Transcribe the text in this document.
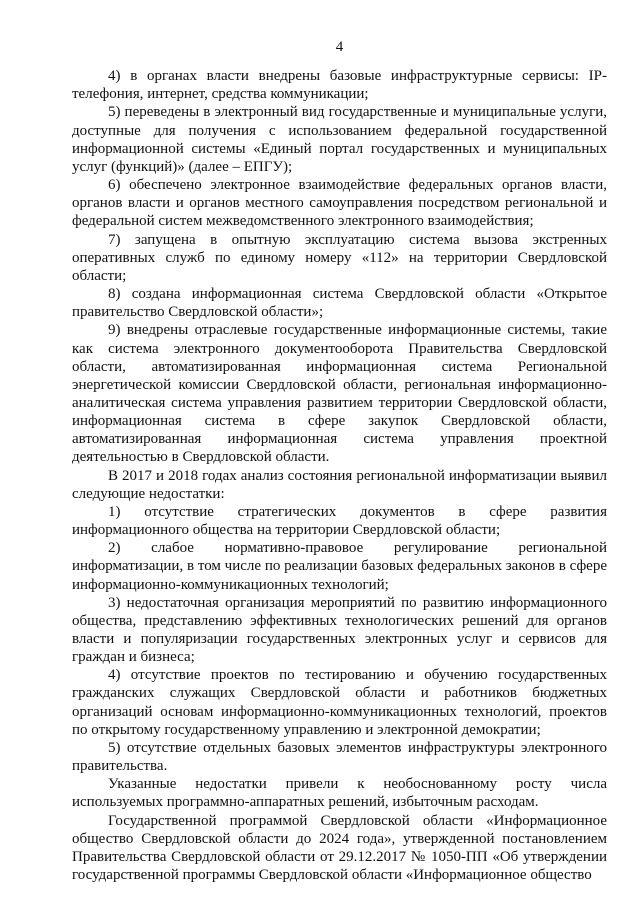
4

4) в органах власти внедрены базовые инфраструктурные сервисы: IP-телефония, интернет, средства коммуникации;

5) переведены в электронный вид государственные и муниципальные услуги, доступные для получения с использованием федеральной государственной информационной системы «Единый портал государственных и муниципальных услуг (функций)» (далее – ЕПГУ);

6) обеспечено электронное взаимодействие федеральных органов власти, органов власти и органов местного самоуправления посредством региональной и федеральной систем межведомственного электронного взаимодействия;

7) запущена в опытную эксплуатацию система вызова экстренных оперативных служб по единому номеру «112» на территории Свердловской области;

8) создана информационная система Свердловской области «Открытое правительство Свердловской области»;

9) внедрены отраслевые государственные информационные системы, такие как система электронного документооборота Правительства Свердловской области, автоматизированная информационная система Региональной энергетической комиссии Свердловской области, региональная информационно-аналитическая система управления развитием территории Свердловской области, информационная система в сфере закупок Свердловской области, автоматизированная информационная система управления проектной деятельностью в Свердловской области.

В 2017 и 2018 годах анализ состояния региональной информатизации выявил следующие недостатки:

1) отсутствие стратегических документов в сфере развития информационного общества на территории Свердловской области;

2) слабое нормативно-правовое регулирование региональной информатизации, в том числе по реализации базовых федеральных законов в сфере информационно-коммуникационных технологий;

3) недостаточная организация мероприятий по развитию информационного общества, представлению эффективных технологических решений для органов власти и популяризации государственных электронных услуг и сервисов для граждан и бизнеса;

4) отсутствие проектов по тестированию и обучению государственных гражданских служащих Свердловской области и работников бюджетных организаций основам информационно-коммуникационных технологий, проектов по открытому государственному управлению и электронной демократии;

5) отсутствие отдельных базовых элементов инфраструктуры электронного правительства.

Указанные недостатки привели к необоснованному росту числа используемых программно-аппаратных решений, избыточным расходам.

Государственной программой Свердловской области «Информационное общество Свердловской области до 2024 года», утвержденной постановлением Правительства Свердловской области от 29.12.2017 № 1050-ПП «Об утверждении государственной программы Свердловской области «Информационное общество
